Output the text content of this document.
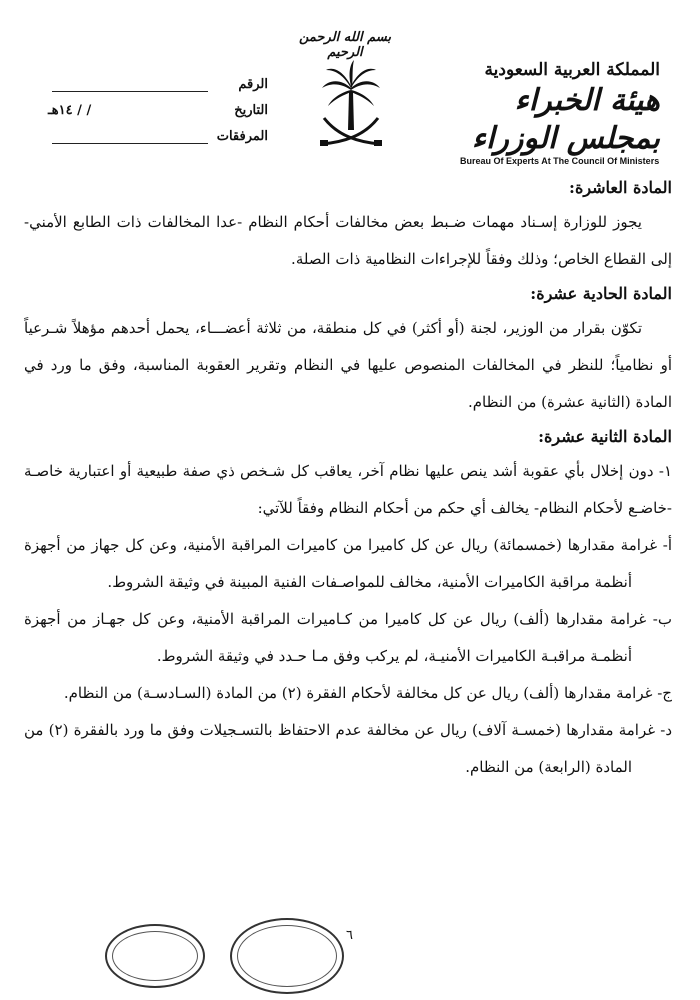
بسم الله الرحمن الرحيم
المملكة العربية السعودية
هيئة الخبراء بمجلس الوزراء
Bureau Of Experts At The Council Of Ministers
الرقم
التاريخ
/ / ١٤هـ
المرفقات

المادة العاشرة:

يجوز للوزارة إسـناد مهمات ضـبط بعض مخالفات أحكام النظام -عدا المخالفات ذات الطابع الأمني- إلى القطاع الخاص؛ وذلك وفقاً للإجراءات النظامية ذات الصلة.

المادة الحادية عشرة:

تكوّن بقرار من الوزير، لجنة (أو أكثر) في كل منطقة، من ثلاثة أعضـــاء، يحمل أحدهم مؤهلاً شـرعياً أو نظامياً؛ للنظر في المخالفات المنصوص عليها في النظام وتقرير العقوبة المناسبة، وفق ما ورد في المادة (الثانية عشرة) من النظام.

المادة الثانية عشرة:

١- دون إخلال بأي عقوبة أشد ينص عليها نظام آخر، يعاقب كل شـخص ذي صفة طبيعية أو اعتبارية خاصـة -خاضـع لأحكام النظام- يخالف أي حكم من أحكام النظام وفقاً للآتي:

أ- غرامة مقدارها (خمسمائة) ريال عن كل كاميرا من كاميرات المراقبة الأمنية، وعن كل جهاز من أجهزة أنظمة مراقبة الكاميرات الأمنية، مخالف للمواصـفات الفنية المبينة في وثيقة الشروط.

ب- غرامة مقدارها (ألف) ريال عن كل كاميرا من كـاميرات المراقبة الأمنية، وعن كل جهـاز من أجهزة أنظمـة مراقبـة الكاميرات الأمنيـة، لم يركب وفق مـا حـدد في وثيقة الشروط.

ج- غرامة مقدارها (ألف) ريال عن كل مخالفة لأحكام الفقرة (٢) من المادة (السـادسـة) من النظام.

د- غرامة مقدارها (خمسـة آلاف) ريال عن مخالفة عدم الاحتفاظ بالتسـجيلات وفق ما ورد بالفقرة (٢) من المادة (الرابعة) من النظام.

٦
